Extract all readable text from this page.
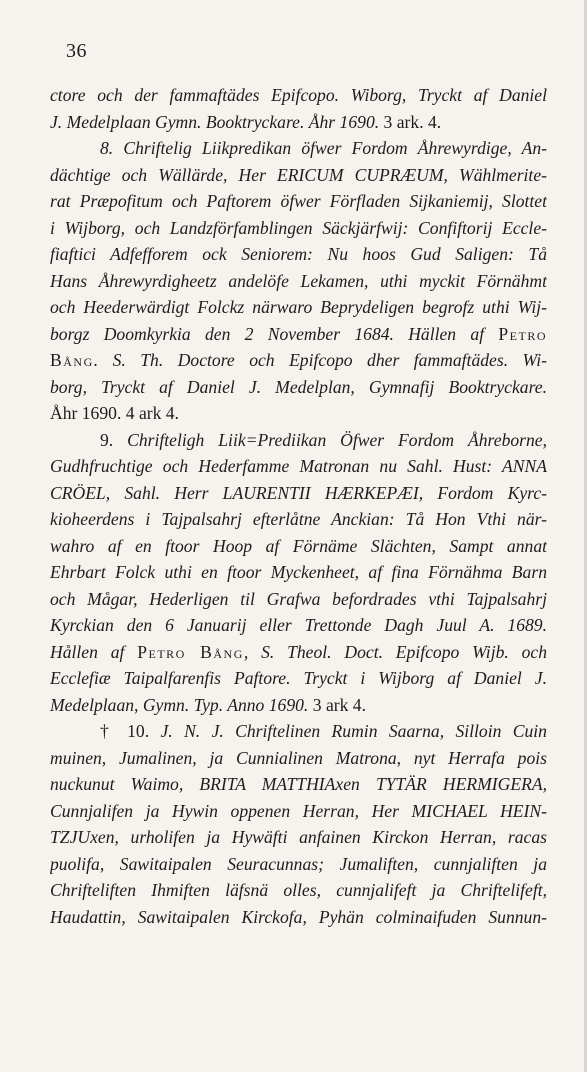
36
ctore och der fammaftädes Epifcopo. Wiborg, Tryckt af Daniel
J. Medelplaan Gymn. Booktryckare. Åhr 1690. 3 ark. 4.
8. Chriftelig Liikpredikan öfwer Fordom Åhrewyrdige, An-
dächtige och Wällärde, Her ERICUM CUPRÆUM, Wählmerite-
rat Præpofitum och Paftorem öfwer Förfladen Sijkaniemij, Slottet
i Wijborg, och Landzförfamblingen Säckjärfwij: Confiftorij Eccle-
fiaftici Adfefforem ock Seniorem: Nu hoos Gud Saligen: Tå
Hans Åhrewyrdigheetz andelöfe Lekamen, uthi myckit Förnähmt
och Heederwärdigt Folckz närwaro Beprydeligen begrofz uthi Wij-
borgz Doomkyrkia den 2 November 1684. Hällen af Petro
Bång. S. Th. Doctore och Epifcopo dher fammaftädes. Wi-
borg, Tryckt af Daniel J. Medelplan, Gymnafij Booktryckare.
Åhr 1690. 4 ark 4.
9. Chrifteligh Liik=Prediikan Öfwer Fordom Åhreborne,
Gudhfruchtige och Hederfamme Matronan nu Sahl. Hust: ANNA
CRÖEL, Sahl. Herr LAURENTII HÆRKEPÆI, Fordom Kyrc-
kioheerdens i Tajpalsahrj efterlåtne Anckian: Tå Hon Vthi när-
wahro af en ftoor Hoop af Förnäme Slächten, Sampt annat
Ehrbart Folck uthi en ftoor Myckenheet, af fina Förnähma Barn
och Mågar, Hederligen til Grafwa befordrades vthi Tajpalsahrj
Kyrckian den 6 Januarij eller Trettonde Dagh Juul A. 1689.
Hållen af Petro Bång, S. Theol. Doct. Epifcopo Wijb. och
Ecclefiæ Taipalfarenfis Paftore. Tryckt i Wijborg af Daniel J.
Medelplaan, Gymn. Typ. Anno 1690. 3 ark 4.
† 10. J. N. J. Chriftelinen Rumin Saarna, Silloin Cuin
muinen, Jumalinen, ja Cunnialinen Matrona, nyt Herrafa pois
nuckunut Waimo, BRITA MATTHIAxen TYTÄR HERMIGERA,
Cunnjalifen ja Hywin oppenen Herran, Her MICHAEL HEIN-
TZJUxen, urholifen ja Hywäfti anfainen Kirckon Herran, racas
puolifa, Sawitaipalen Seuracunnas; Jumaliften, cunnjaliften ja
Chrifteliften Ihmiften läfsnä olles, cunnjalifeft ja Chriftelifeft,
Haudattin, Sawitaipalen Kirckofa, Pyhän colminaifuden Sunnun-
